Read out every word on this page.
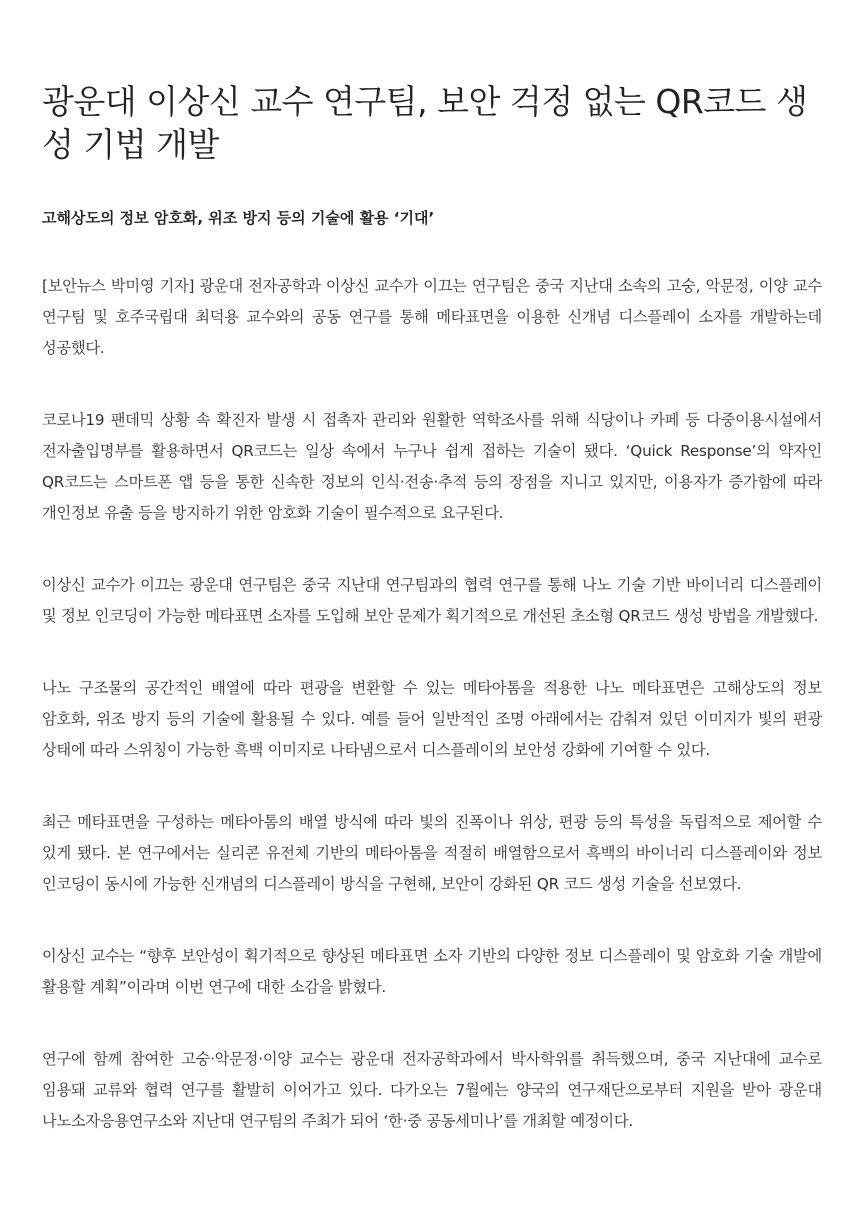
광운대 이상신 교수 연구팀, 보안 걱정 없는 QR코드 생성 기법 개발

고해상도의 정보 암호화, 위조 방지 등의 기술에 활용 ‘기대’

[보안뉴스 박미영 기자] 광운대 전자공학과 이상신 교수가 이끄는 연구팀은 중국 지난대 소속의 고숭, 악문정, 이양 교수 연구팀 및 호주국립대 최덕용 교수와의 공동 연구를 통해 메타표면을 이용한 신개념 디스플레이 소자를 개발하는데 성공했다.

코로나19 팬데믹 상황 속 확진자 발생 시 접촉자 관리와 원활한 역학조사를 위해 식당이나 카페 등 다중이용시설에서 전자출입명부를 활용하면서 QR코드는 일상 속에서 누구나 쉽게 접하는 기술이 됐다. ‘Quick Response’의 약자인 QR코드는 스마트폰 앱 등을 통한 신속한 정보의 인식·전송·추적 등의 장점을 지니고 있지만, 이용자가 증가함에 따라 개인정보 유출 등을 방지하기 위한 암호화 기술이 필수적으로 요구된다.

이상신 교수가 이끄는 광운대 연구팀은 중국 지난대 연구팀과의 협력 연구를 통해 나노 기술 기반 바이너리 디스플레이 및 정보 인코딩이 가능한 메타표면 소자를 도입해 보안 문제가 획기적으로 개선된 초소형 QR코드 생성 방법을 개발했다.

나노 구조물의 공간적인 배열에 따라 편광을 변환할 수 있는 메타아톰을 적용한 나노 메타표면은 고해상도의 정보 암호화, 위조 방지 등의 기술에 활용될 수 있다. 예를 들어 일반적인 조명 아래에서는 감춰져 있던 이미지가 빛의 편광 상태에 따라 스위칭이 가능한 흑백 이미지로 나타냄으로서 디스플레이의 보안성 강화에 기여할 수 있다.

최근 메타표면을 구성하는 메타아톰의 배열 방식에 따라 빛의 진폭이나 위상, 편광 등의 특성을 독립적으로 제어할 수 있게 됐다. 본 연구에서는 실리콘 유전체 기반의 메타아톰을 적절히 배열함으로서 흑백의 바이너리 디스플레이와 정보 인코딩이 동시에 가능한 신개념의 디스플레이 방식을 구현해, 보안이 강화된 QR 코드 생성 기술을 선보였다.

이상신 교수는 “향후 보안성이 획기적으로 향상된 메타표면 소자 기반의 다양한 정보 디스플레이 및 암호화 기술 개발에 활용할 계획”이라며 이번 연구에 대한 소감을 밝혔다.

연구에 함께 참여한 고숭·악문정·이양 교수는 광운대 전자공학과에서 박사학위를 취득했으며, 중국 지난대에 교수로 임용돼 교류와 협력 연구를 활발히 이어가고 있다. 다가오는 7월에는 양국의 연구재단으로부터 지원을 받아 광운대 나노소자응용연구소와 지난대 연구팀의 주최가 되어 ‘한·중 공동세미나’를 개최할 예정이다.
